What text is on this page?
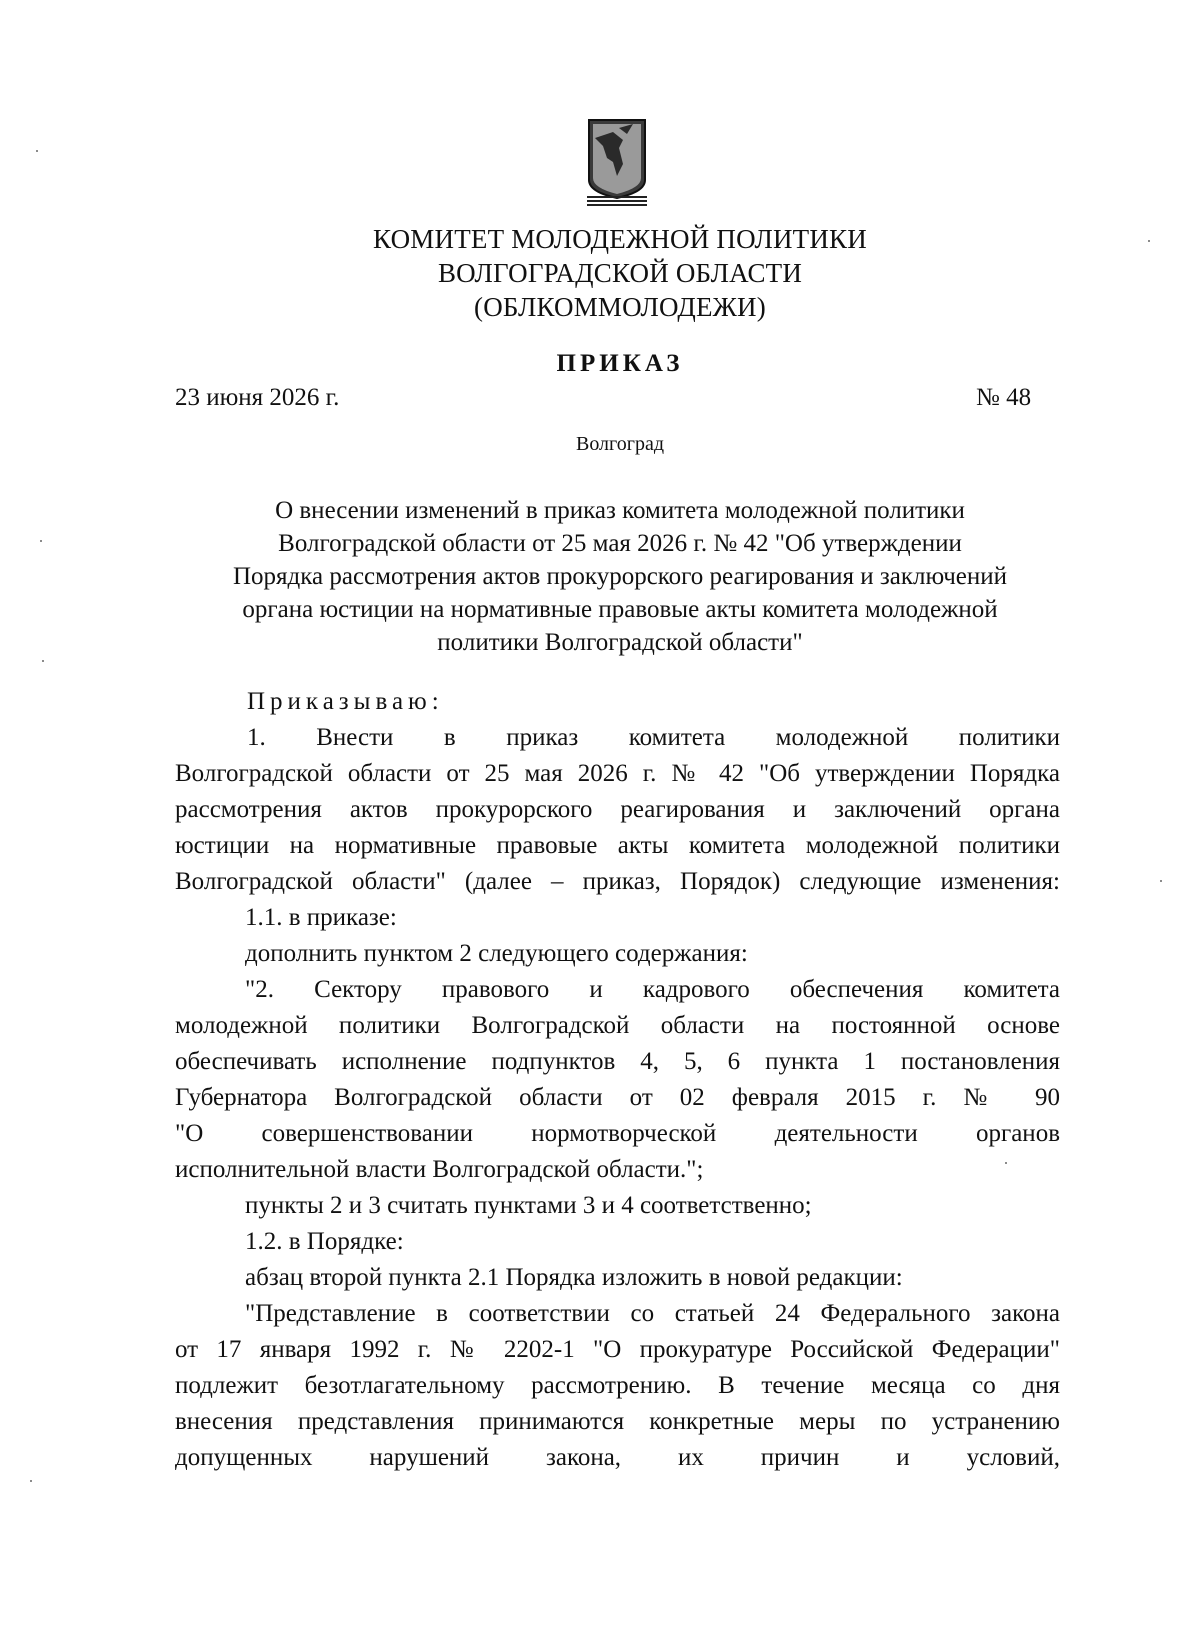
КОМИТЕТ МОЛОДЕЖНОЙ ПОЛИТИКИ
ВОЛГОГРАДСКОЙ ОБЛАСТИ
(ОБЛКОММОЛОДЕЖИ)
ПРИКАЗ
23 июня 2026 г.	№ 48
Волгоград
О внесении изменений в приказ комитета молодежной политики
Волгоградской области от 25 мая 2026 г. № 42 "Об утверждении
Порядка рассмотрения актов прокурорского реагирования и заключений
органа юстиции на нормативные правовые акты комитета молодежной
политики Волгоградской области"
Приказываю:
1. Внести в приказ комитета молодежной политики
Волгоградской области от 25 мая 2026 г. № 42 "Об утверждении Порядка
рассмотрения актов прокурорского реагирования и заключений органа
юстиции на нормативные правовые акты комитета молодежной политики
Волгоградской области" (далее – приказ, Порядок) следующие изменения:
1.1. в приказе:
дополнить пунктом 2 следующего содержания:
"2. Сектору правового и кадрового обеспечения комитета
молодежной политики Волгоградской области на постоянной основе
обеспечивать исполнение подпунктов 4, 5, 6 пункта 1 постановления
Губернатора Волгоградской области от 02 февраля 2015 г. № 90
"О совершенствовании нормотворческой деятельности органов
исполнительной власти Волгоградской области.";
пункты 2 и 3 считать пунктами 3 и 4 соответственно;
1.2. в Порядке:
абзац второй пункта 2.1 Порядка изложить в новой редакции:
"Представление в соответствии со статьей 24 Федерального закона
от 17 января 1992 г. № 2202-1 "О прокуратуре Российской Федерации"
подлежит безотлагательному рассмотрению. В течение месяца со дня
внесения представления принимаются конкретные меры по устранению
допущенных нарушений закона, их причин и условий,
